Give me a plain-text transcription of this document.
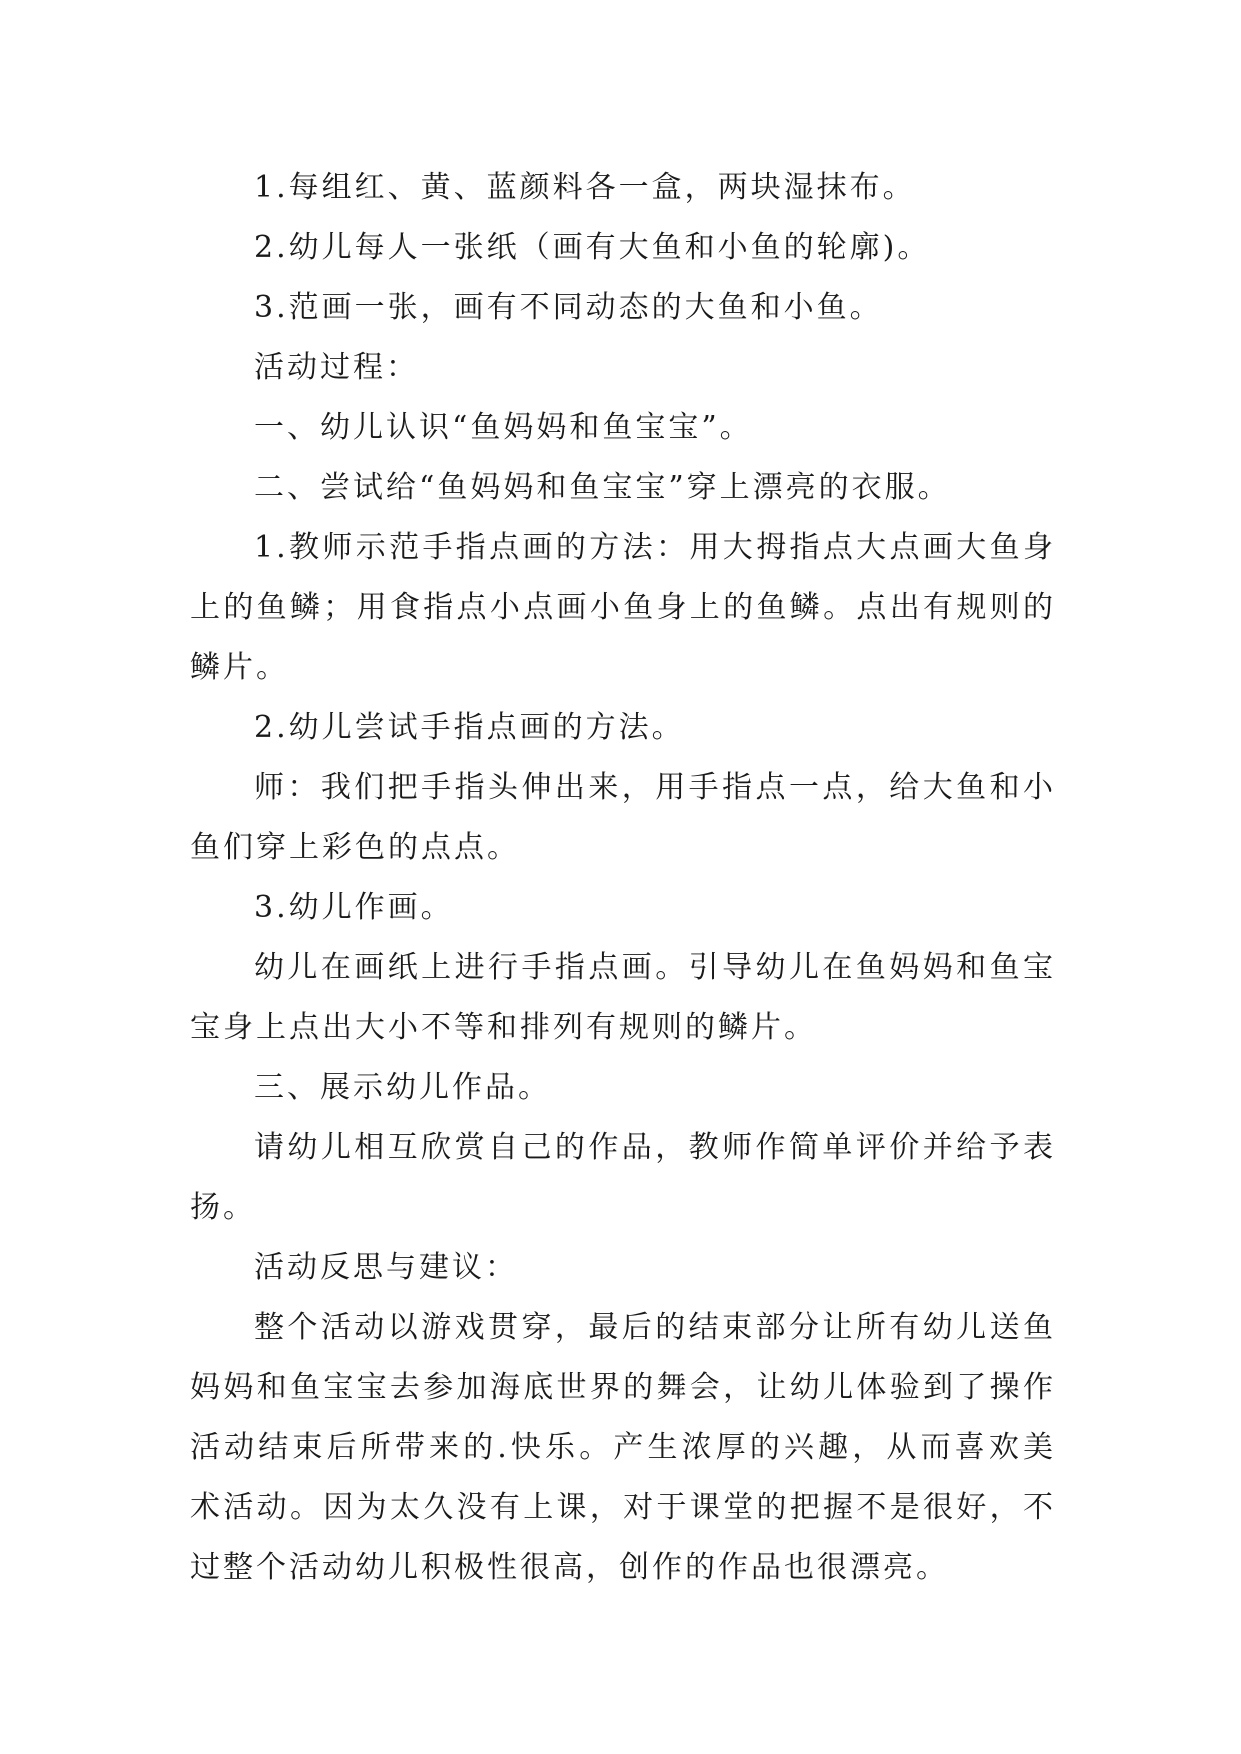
1.每组红、黄、蓝颜料各一盒，两块湿抹布。

2.幼儿每人一张纸（画有大鱼和小鱼的轮廓)。

3.范画一张，画有不同动态的大鱼和小鱼。

活动过程：

一、幼儿认识“鱼妈妈和鱼宝宝”。

二、尝试给“鱼妈妈和鱼宝宝”穿上漂亮的衣服。

1.教师示范手指点画的方法：用大拇指点大点画大鱼身上的鱼鳞；用食指点小点画小鱼身上的鱼鳞。点出有规则的鳞片。

2.幼儿尝试手指点画的方法。

师：我们把手指头伸出来，用手指点一点，给大鱼和小鱼们穿上彩色的点点。

3.幼儿作画。

幼儿在画纸上进行手指点画。引导幼儿在鱼妈妈和鱼宝宝身上点出大小不等和排列有规则的鳞片。

三、展示幼儿作品。

请幼儿相互欣赏自己的作品，教师作简单评价并给予表扬。

活动反思与建议：

整个活动以游戏贯穿，最后的结束部分让所有幼儿送鱼妈妈和鱼宝宝去参加海底世界的舞会，让幼儿体验到了操作活动结束后所带来的.快乐。产生浓厚的兴趣，从而喜欢美术活动。因为太久没有上课，对于课堂的把握不是很好，不过整个活动幼儿积极性很高，创作的作品也很漂亮。
